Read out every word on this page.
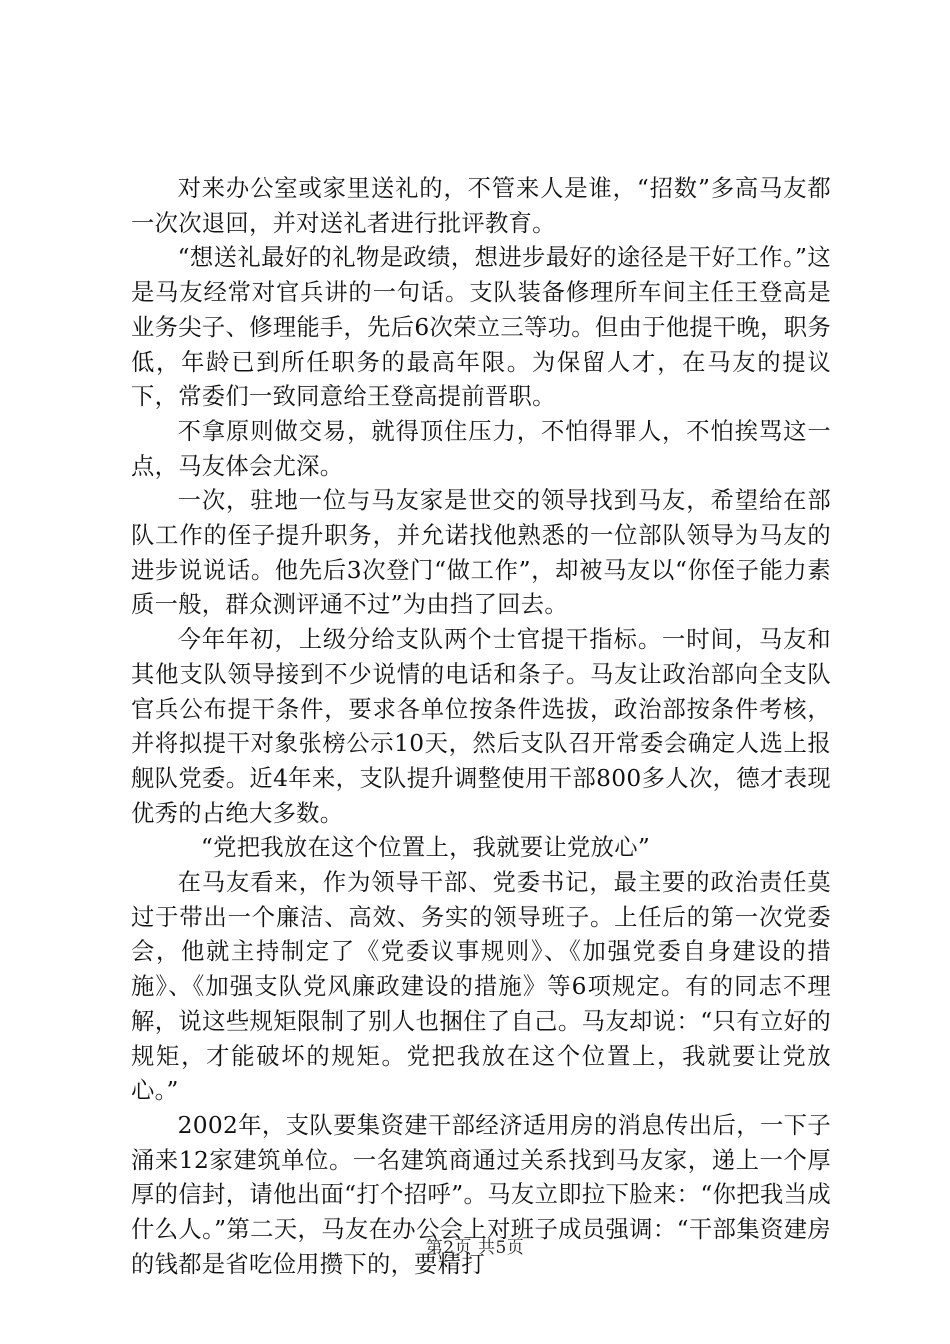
对来办公室或家里送礼的，不管来人是谁，“招数”多高马友都一次次退回，并对送礼者进行批评教育。

“想送礼最好的礼物是政绩，想进步最好的途径是干好工作。”这是马友经常对官兵讲的一句话。支队装备修理所车间主任王登高是业务尖子、修理能手，先后6次荣立三等功。但由于他提干晚，职务低，年龄已到所任职务的最高年限。为保留人才，在马友的提议下，常委们一致同意给王登高提前晋职。

不拿原则做交易，就得顶住压力，不怕得罪人，不怕挨骂这一点，马友体会尤深。

一次，驻地一位与马友家是世交的领导找到马友，希望给在部队工作的侄子提升职务，并允诺找他熟悉的一位部队领导为马友的进步说说话。他先后3次登门“做工作”，却被马友以“你侄子能力素质一般，群众测评通不过”为由挡了回去。

今年年初，上级分给支队两个士官提干指标。一时间，马友和其他支队领导接到不少说情的电话和条子。马友让政治部向全支队官兵公布提干条件，要求各单位按条件选拔，政治部按条件考核，并将拟提干对象张榜公示10天，然后支队召开常委会确定人选上报舰队党委。近4年来，支队提升调整使用干部800多人次，德才表现优秀的占绝大多数。

“党把我放在这个位置上，我就要让党放心”

在马友看来，作为领导干部、党委书记，最主要的政治责任莫过于带出一个廉洁、高效、务实的领导班子。上任后的第一次党委会，他就主持制定了《党委议事规则》、《加强党委自身建设的措施》、《加强支队党风廉政建设的措施》等6项规定。有的同志不理解，说这些规矩限制了别人也捆住了自己。马友却说：“只有立好的规矩，才能破坏的规矩。党把我放在这个位置上，我就要让党放心。”

2002年，支队要集资建干部经济适用房的消息传出后，一下子涌来12家建筑单位。一名建筑商通过关系找到马友家，递上一个厚厚的信封，请他出面“打个招呼”。马友立即拉下脸来：“你把我当成什么人。”第二天，马友在办公会上对班子成员强调：“干部集资建房的钱都是省吃俭用攒下的，要精打

第2页 共5页
